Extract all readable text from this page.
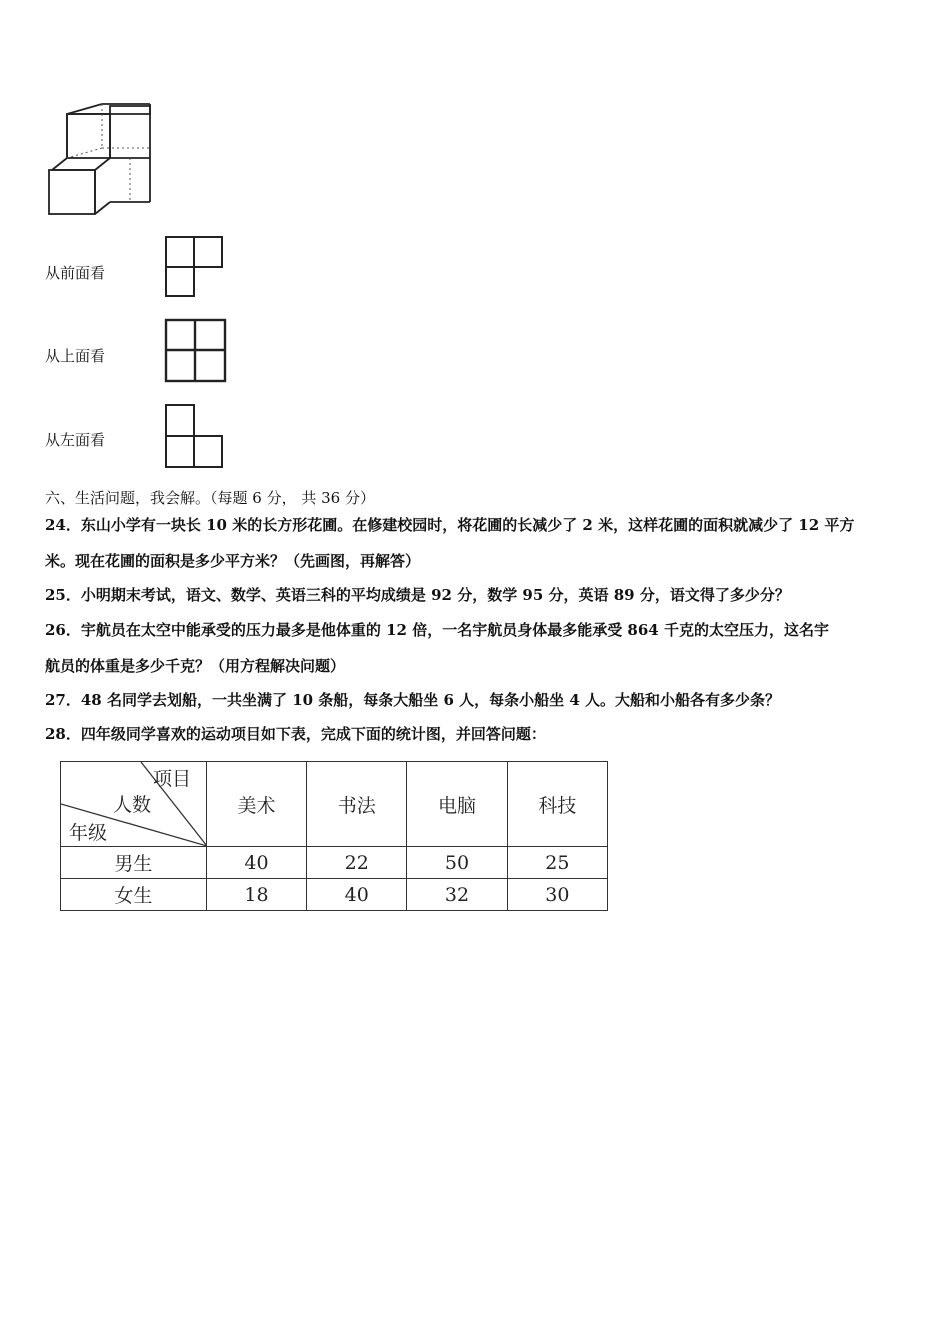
从前面看
从上面看
从左面看
六、生活问题，我会解。（每题 6 分， 共 36 分）
24．东山小学有一块长 10 米的长方形花圃。在修建校园时，将花圃的长减少了 2 米，这样花圃的面积就减少了 12 平方
米。现在花圃的面积是多少平方米？（先画图，再解答）
25．小明期末考试，语文、数学、英语三科的平均成绩是 92 分，数学 95 分，英语 89 分，语文得了多少分？
26．宇航员在太空中能承受的压力最多是他体重的 12 倍，一名宇航员身体最多能承受 864 千克的太空压力，这名宇
航员的体重是多少千克？（用方程解决问题）
27．48 名同学去划船，一共坐满了 10 条船，每条大船坐 6 人，每条小船坐 4 人。大船和小船各有多少条？
28．四年级同学喜欢的运动项目如下表，完成下面的统计图，并回答问题：
项目
人数
年级	美术	书法	电脑	科技
男生	40	22	50	25
女生	18	40	32	30
